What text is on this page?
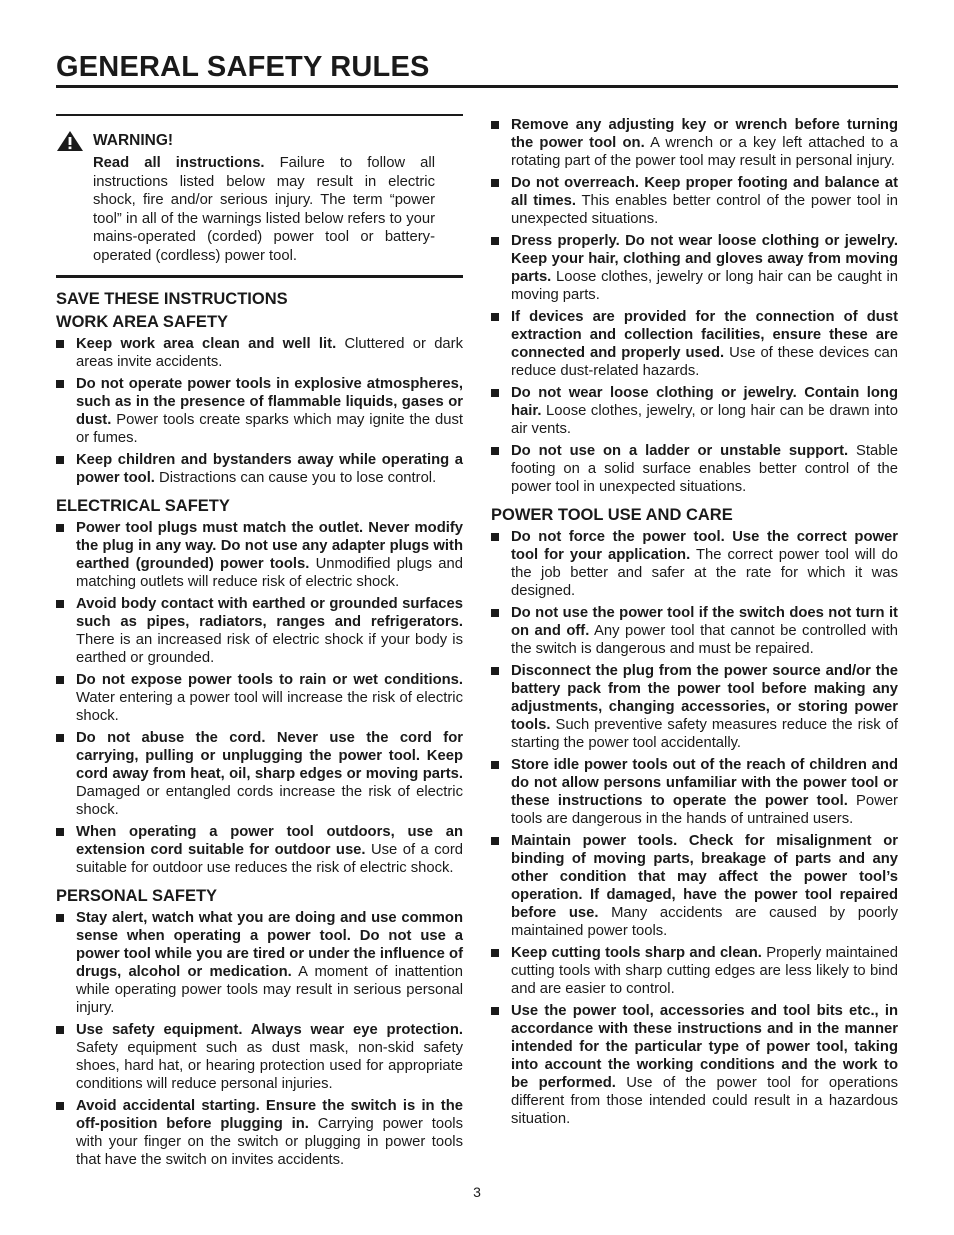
GENERAL SAFETY RULES
WARNING!
Read all instructions. Failure to follow all instructions listed below may result in electric shock, fire and/or serious injury. The term “power tool” in all of the warnings listed below refers to your mains-operated (corded) power tool or battery-operated (cordless) power tool.
SAVE THESE INSTRUCTIONS
WORK AREA SAFETY
Keep work area clean and well lit. Cluttered or dark areas invite accidents.
Do not operate power tools in explosive atmospheres, such as in the presence of flammable liquids, gases or dust. Power tools create sparks which may ignite the dust or fumes.
Keep children and bystanders away while operating a power tool. Distractions can cause you to lose control.
ELECTRICAL SAFETY
Power tool plugs must match the outlet. Never modify the plug in any way. Do not use any adapter plugs with earthed (grounded) power tools. Unmodified plugs and matching outlets will reduce risk of electric shock.
Avoid body contact with earthed or grounded surfaces such as pipes, radiators, ranges and refrigerators. There is an increased risk of electric shock if your body is earthed or grounded.
Do not expose power tools to rain or wet conditions. Water entering a power tool will increase the risk of electric shock.
Do not abuse the cord. Never use the cord for carrying, pulling or unplugging the power tool. Keep cord away from heat, oil, sharp edges or moving parts. Damaged or entangled cords increase the risk of electric shock.
When operating a power tool outdoors, use an extension cord suitable for outdoor use. Use of a cord suitable for outdoor use reduces the risk of electric shock.
PERSONAL SAFETY
Stay alert, watch what you are doing and use common sense when operating a power tool. Do not use a power tool while you are tired or under the influence of drugs, alcohol or medication. A moment of inattention while operating power tools may result in serious personal injury.
Use safety equipment. Always wear eye protection. Safety equipment such as dust mask, non-skid safety shoes, hard hat, or hearing protection used for appropriate conditions will reduce personal injuries.
Avoid accidental starting. Ensure the switch is in the off-position before plugging in. Carrying power tools with your finger on the switch or plugging in power tools that have the switch on invites accidents.
Remove any adjusting key or wrench before turning the power tool on. A wrench or a key left attached to a rotating part of the power tool may result in personal injury.
Do not overreach. Keep proper footing and balance at all times. This enables better control of the power tool in unexpected situations.
Dress properly. Do not wear loose clothing or jewelry. Keep your hair, clothing and gloves away from moving parts. Loose clothes, jewelry or long hair can be caught in moving parts.
If devices are provided for the connection of dust extraction and collection facilities, ensure these are connected and properly used. Use of these devices can reduce dust-related hazards.
Do not wear loose clothing or jewelry. Contain long hair. Loose clothes, jewelry, or long hair can be drawn into air vents.
Do not use on a ladder or unstable support. Stable footing on a solid surface enables better control of the power tool in unexpected situations.
POWER TOOL USE AND CARE
Do not force the power tool. Use the correct power tool for your application. The correct power tool will do the job better and safer at the rate for which it was designed.
Do not use the power tool if the switch does not turn it on and off. Any power tool that cannot be controlled with the switch is dangerous and must be repaired.
Disconnect the plug from the power source and/or the battery pack from the power tool before making any adjustments, changing accessories, or storing power tools. Such preventive safety measures reduce the risk of starting the power tool accidentally.
Store idle power tools out of the reach of children and do not allow persons unfamiliar with the power tool or these instructions to operate the power tool. Power tools are dangerous in the hands of untrained users.
Maintain power tools. Check for misalignment or binding of moving parts, breakage of parts and any other condition that may affect the power tool’s operation. If damaged, have the power tool repaired before use. Many accidents are caused by poorly maintained power tools.
Keep cutting tools sharp and clean. Properly maintained cutting tools with sharp cutting edges are less likely to bind and are easier to control.
Use the power tool, accessories and tool bits etc., in accordance with these instructions and in the manner intended for the particular type of power tool, taking into account the working conditions and the work to be performed. Use of the power tool for operations different from those intended could result in a hazardous situation.
3
